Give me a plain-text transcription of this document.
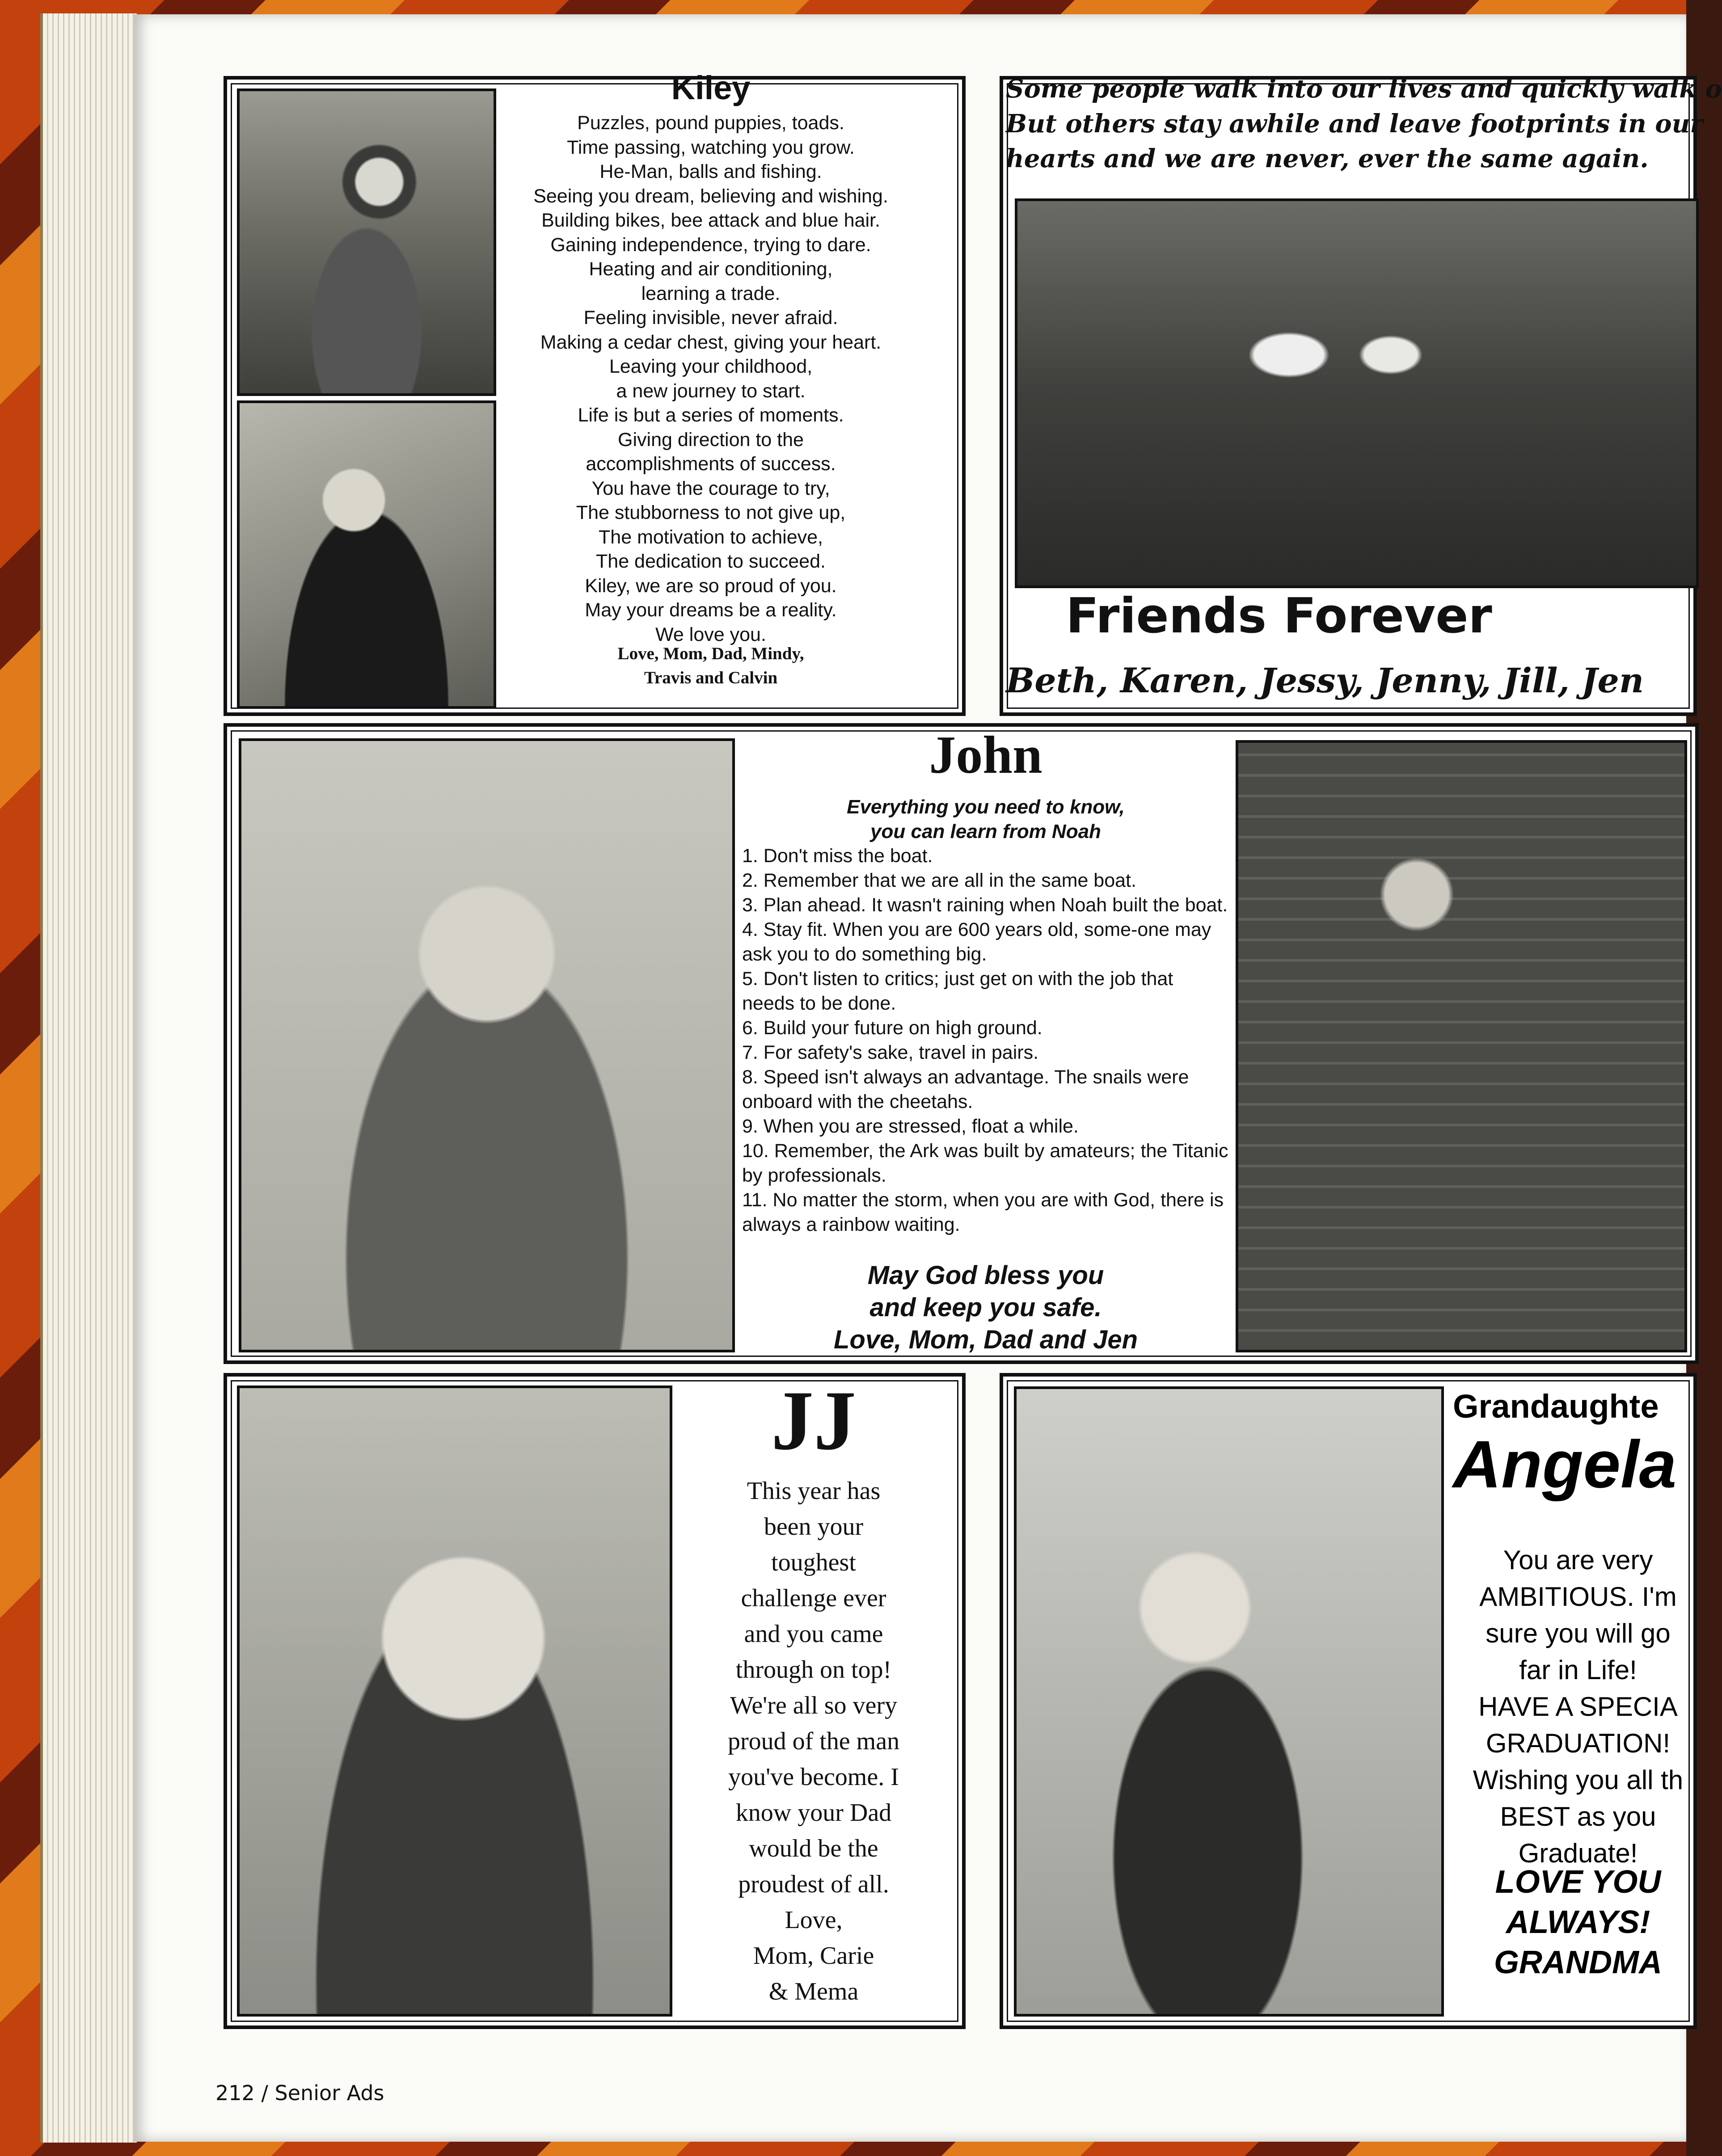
Kiley

Puzzles, pound puppies, toads.
Time passing, watching you grow.
He-Man, balls and fishing.
Seeing you dream, believing and wishing.
Building bikes, bee attack and blue hair.
Gaining independence, trying to dare.
Heating and air conditioning,
learning a trade.
Feeling invisible, never afraid.
Making a cedar chest, giving your heart.
Leaving your childhood,
a new journey to start.
Life is but a series of moments.
Giving direction to the
accomplishments of success.
You have the courage to try,
The stubborness to not give up,
The motivation to achieve,
The dedication to succeed.
Kiley, we are so proud of you.
May your dreams be a reality.
We love you.
Love, Mom, Dad, Mindy,
Travis and Calvin
Some people walk into our lives and quickly walk o
But others stay awhile and leave footprints in our
hearts and we are never, ever the same again.

Friends Forever

Beth, Karen, Jessy, Jenny, Jill, Jen

John

Everything you need to know,
you can learn from Noah
1. Don't miss the boat.
2. Remember that we are all in the same boat.
3. Plan ahead. It wasn't raining when Noah built the boat.
4. Stay fit. When you are 600 years old, some-one may ask you to do something big.
5. Don't listen to critics; just get on with the job that needs to be done.
6. Build your future on high ground.
7. For safety's sake, travel in pairs.
8. Speed isn't always an advantage. The snails were onboard with the cheetahs.
9. When you are stressed, float a while.
10. Remember, the Ark was built by amateurs; the Titanic by professionals.
11. No matter the storm, when you are with God, there is always a rainbow waiting.
May God bless you
and keep you safe.
Love, Mom, Dad and Jen

JJ

This year has
been your
toughest
challenge ever
and you came
through on top!
We're all so very
proud of the man
you've become. I
know your Dad
would be the
proudest of all.
Love,
Mom, Carie
& Mema
Grandaughte
Angela
You are very
AMBITIOUS. I'm
sure you will go
far in Life!
HAVE A SPECIA
GRADUATION!
Wishing you all th
BEST as you
Graduate!
LOVE YOU
ALWAYS!
GRANDMA
212 / Senior Ads
